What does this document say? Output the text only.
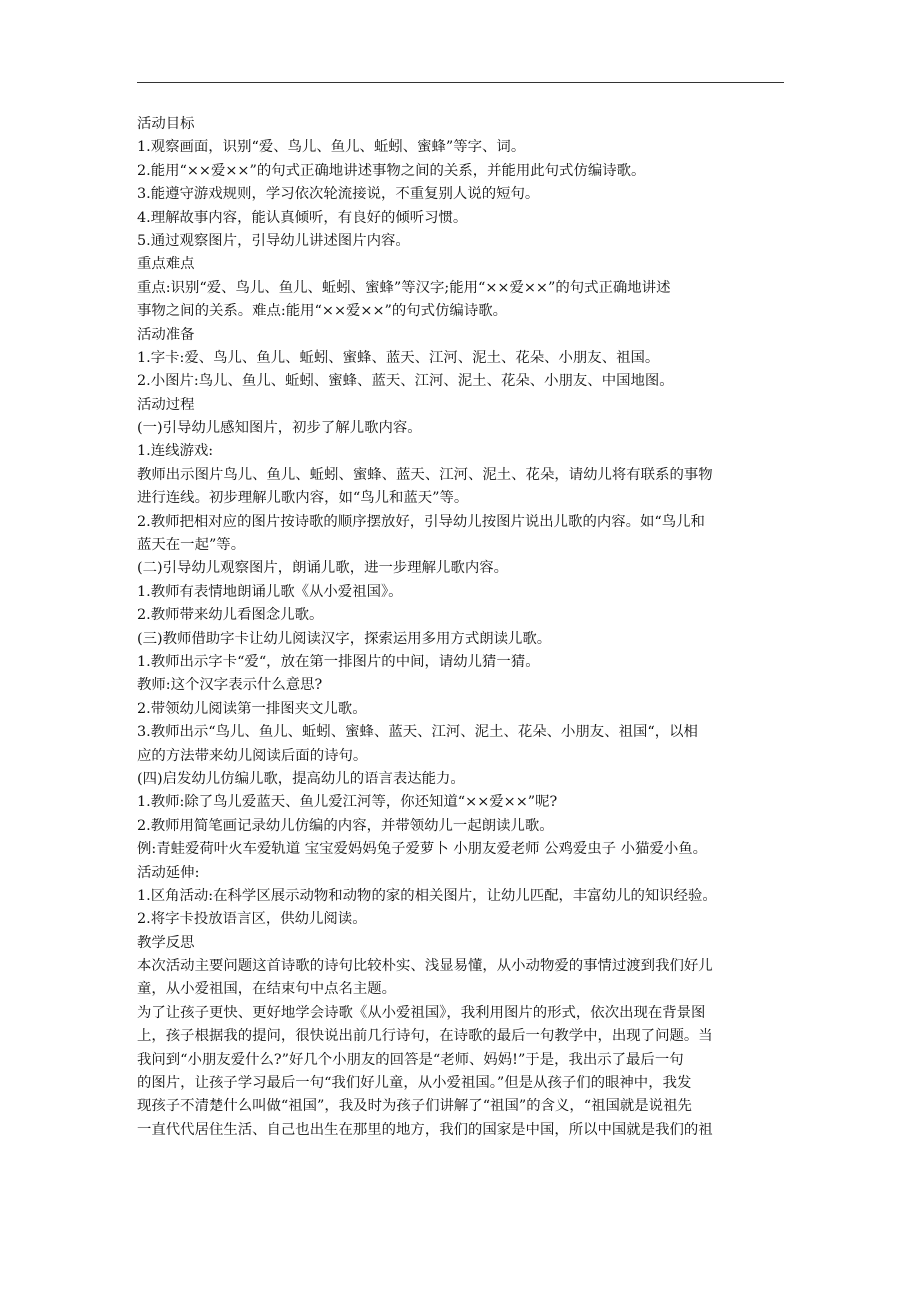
活动目标
1.观察画面，识别“爱、鸟儿、鱼儿、蚯蚓、蜜蜂”等字、词。
2.能用“××爱××”的句式正确地讲述事物之间的关系，并能用此句式仿编诗歌。
3.能遵守游戏规则，学习依次轮流接说，不重复别人说的短句。
4.理解故事内容，能认真倾听，有良好的倾听习惯。
5.通过观察图片，引导幼儿讲述图片内容。
重点难点
重点:识别“爱、鸟儿、鱼儿、蚯蚓、蜜蜂”等汉字;能用“××爱××”的句式正确地讲述
事物之间的关系。难点:能用“××爱××”的句式仿编诗歌。
活动准备
1.字卡:爱、鸟儿、鱼儿、蚯蚓、蜜蜂、蓝天、江河、泥土、花朵、小朋友、祖国。
2.小图片:鸟儿、鱼儿、蚯蚓、蜜蜂、蓝天、江河、泥土、花朵、小朋友、中国地图。
活动过程
(一)引导幼儿感知图片，初步了解儿歌内容。
1.连线游戏:
教师出示图片鸟儿、鱼儿、蚯蚓、蜜蜂、蓝天、江河、泥土、花朵，请幼儿将有联系的事物
进行连线。初步理解儿歌内容，如“鸟儿和蓝天”等。
2.教师把相对应的图片按诗歌的顺序摆放好，引导幼儿按图片说出儿歌的内容。如“鸟儿和
蓝天在一起”等。
(二)引导幼儿观察图片，朗诵儿歌，进一步理解儿歌内容。
1.教师有表情地朗诵儿歌《从小爱祖国》。
2.教师带来幼儿看图念儿歌。
(三)教师借助字卡让幼儿阅读汉字，探索运用多用方式朗读儿歌。
1.教师出示字卡“爱“，放在第一排图片的中间，请幼儿猜一猜。
教师:这个汉字表示什么意思?
2.带领幼儿阅读第一排图夹文儿歌。
3.教师出示“鸟儿、鱼儿、蚯蚓、蜜蜂、蓝天、江河、泥土、花朵、小朋友、祖国“，以相
应的方法带来幼儿阅读后面的诗句。
(四)启发幼儿仿编儿歌，提高幼儿的语言表达能力。
1.教师:除了鸟儿爱蓝天、鱼儿爱江河等，你还知道“××爱××”呢?
2.教师用简笔画记录幼儿仿编的内容，并带领幼儿一起朗读儿歌。
例:青蛙爱荷叶火车爱轨道 宝宝爱妈妈兔子爱萝卜 小朋友爱老师 公鸡爱虫子 小猫爱小鱼。
活动延伸:
1.区角活动:在科学区展示动物和动物的家的相关图片，让幼儿匹配，丰富幼儿的知识经验。
2.将字卡投放语言区，供幼儿阅读。
教学反思
本次活动主要问题这首诗歌的诗句比较朴实、浅显易懂，从小动物爱的事情过渡到我们好儿
童，从小爱祖国，在结束句中点名主题。
为了让孩子更快、更好地学会诗歌《从小爱祖国》，我利用图片的形式，依次出现在背景图
上，孩子根据我的提问，很快说出前几行诗句，在诗歌的最后一句教学中，出现了问题。当
我问到“小朋友爱什么?”好几个小朋友的回答是“老师、妈妈!”于是，我出示了最后一句
的图片，让孩子学习最后一句“我们好儿童，从小爱祖国。”但是从孩子们的眼神中，我发
现孩子不清楚什么叫做“祖国”，我及时为孩子们讲解了“祖国”的含义，“祖国就是说祖先
一直代代居住生活、自己也出生在那里的地方，我们的国家是中国，所以中国就是我们的祖
